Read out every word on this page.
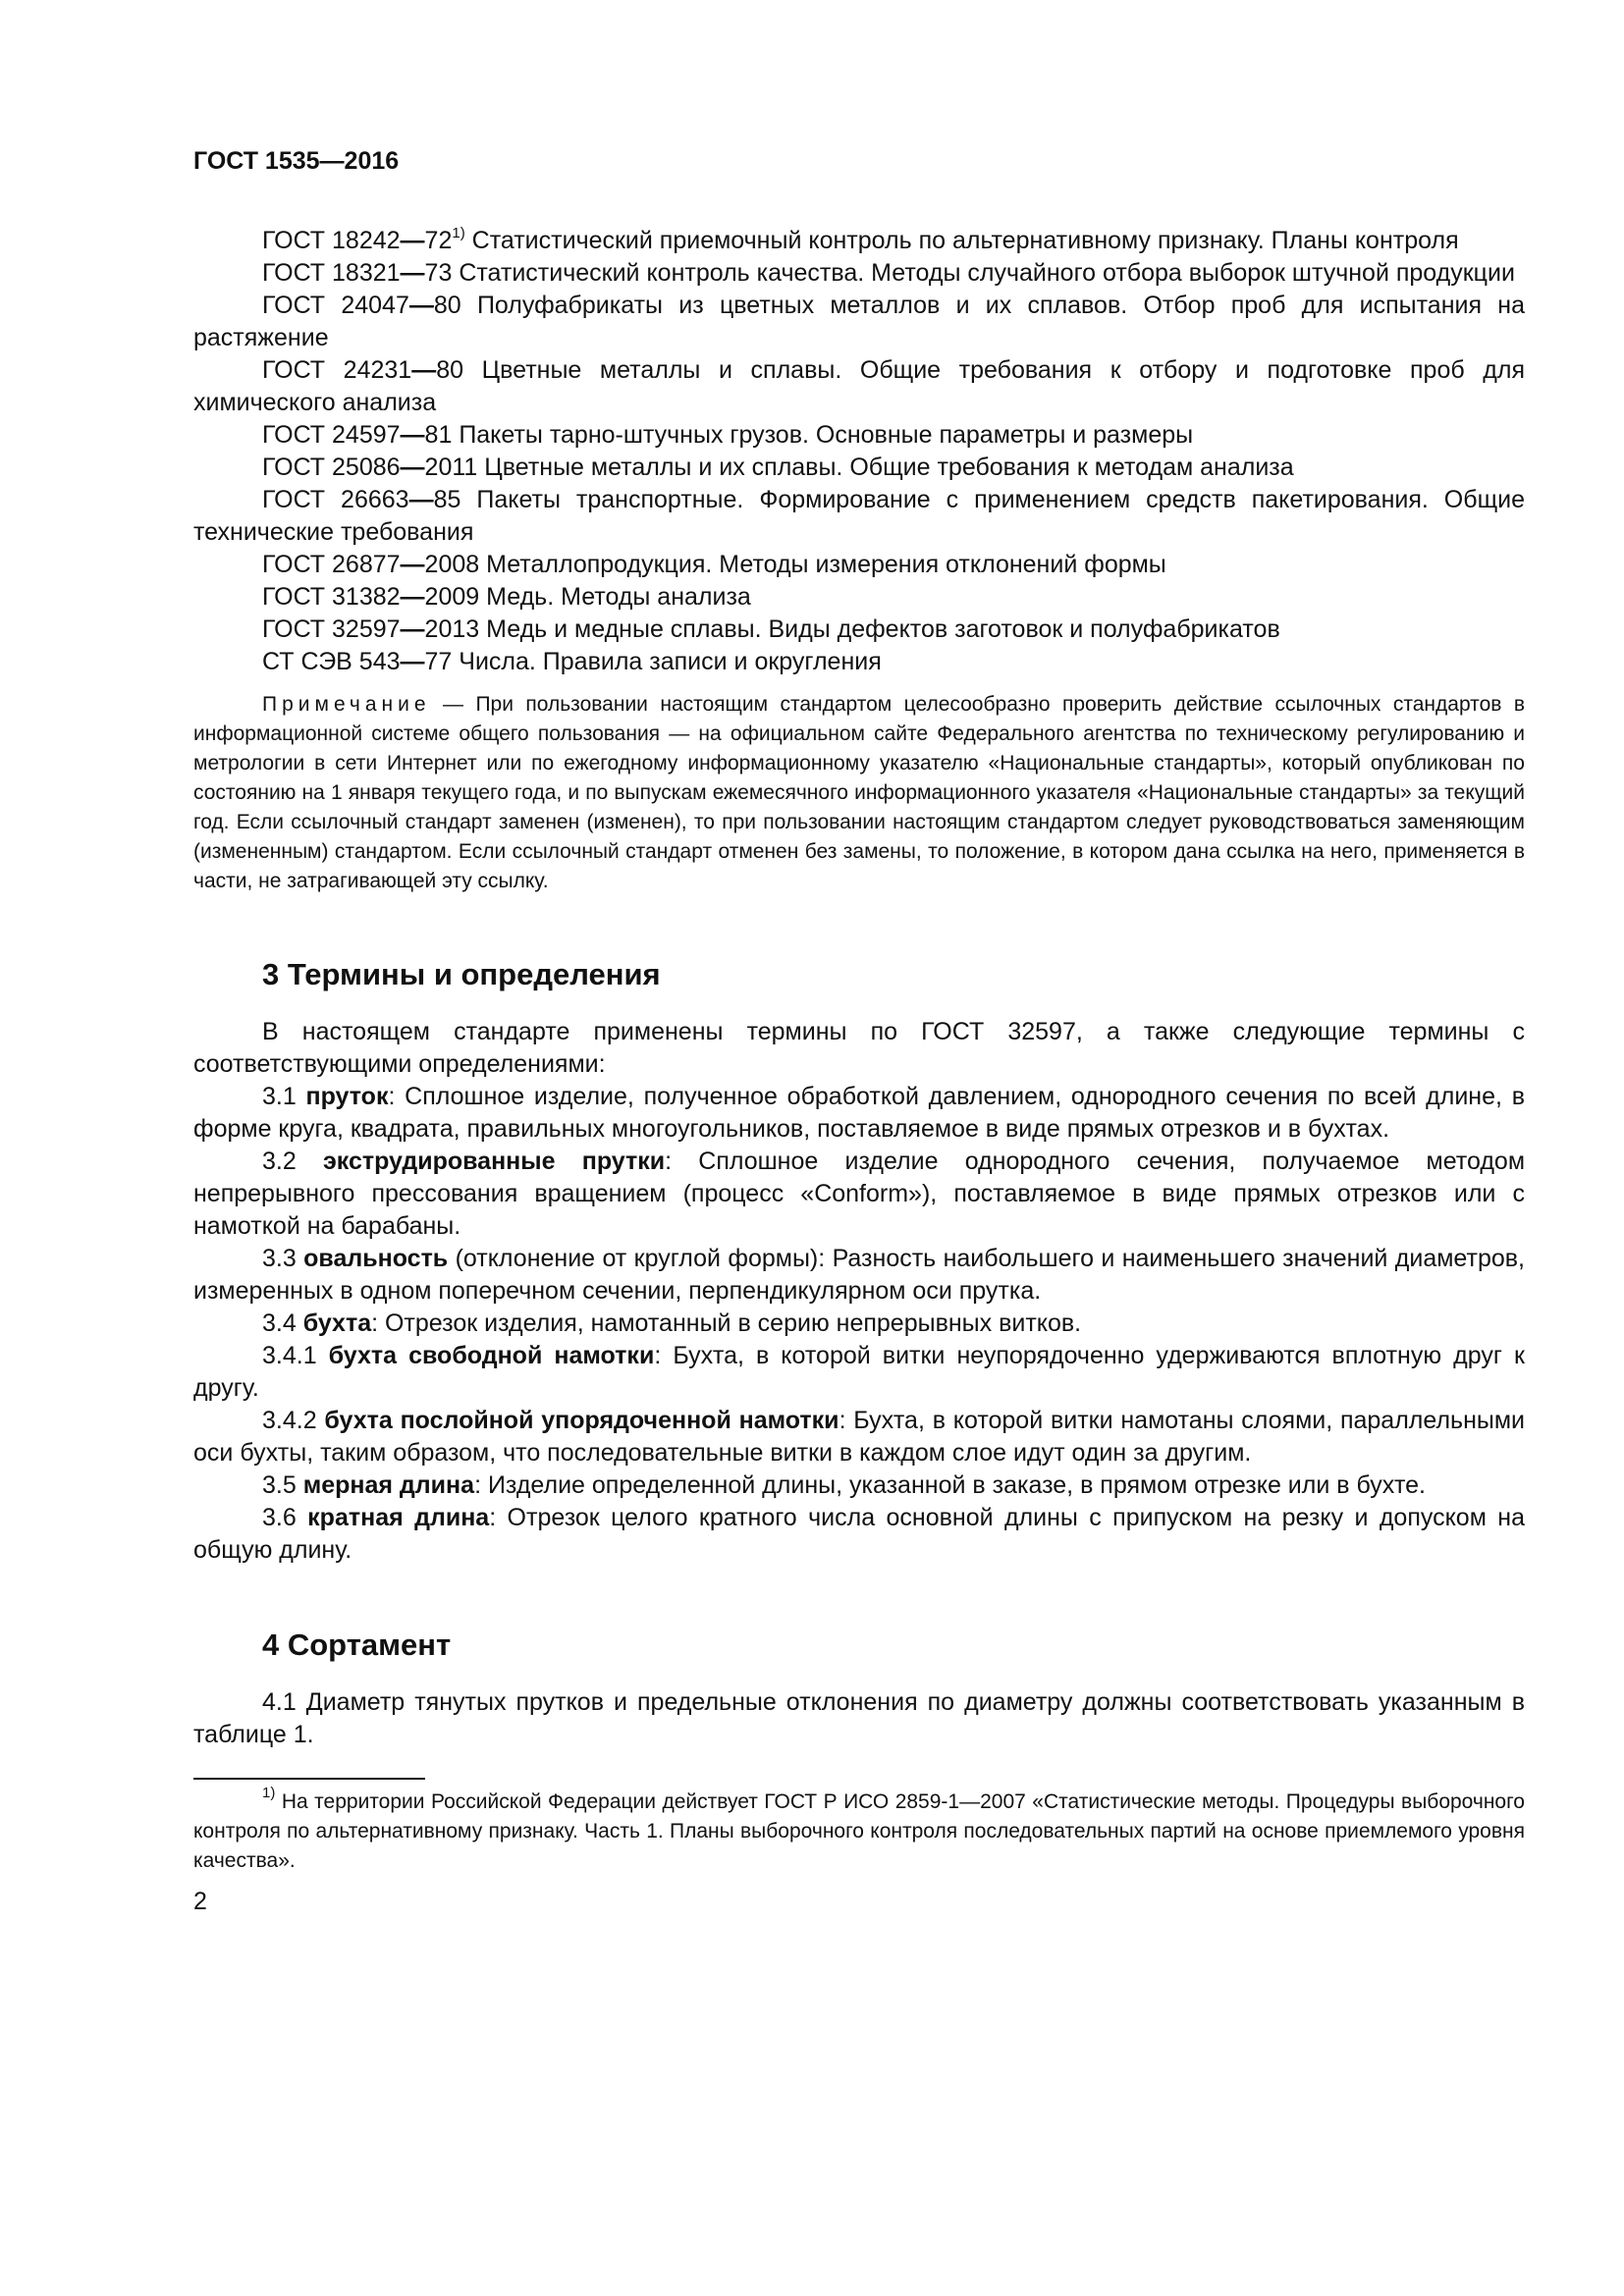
ГОСТ 1535—2016

ГОСТ 18242—72$^{1)}$ Статистический приемочный контроль по альтернативному признаку. Планы контроля

ГОСТ 18321—73 Статистический контроль качества. Методы случайного отбора выборок штучной продукции

ГОСТ 24047—80 Полуфабрикаты из цветных металлов и их сплавов. Отбор проб для испытания на растяжение

ГОСТ 24231—80 Цветные металлы и сплавы. Общие требования к отбору и подготовке проб для химического анализа

ГОСТ 24597—81 Пакеты тарно-штучных грузов. Основные параметры и размеры

ГОСТ 25086—2011 Цветные металлы и их сплавы. Общие требования к методам анализа

ГОСТ 26663—85 Пакеты транспортные. Формирование с применением средств пакетирования. Общие технические требования

ГОСТ 26877—2008 Металлопродукция. Методы измерения отклонений формы

ГОСТ 31382—2009 Медь. Методы анализа

ГОСТ 32597—2013 Медь и медные сплавы. Виды дефектов заготовок и полуфабрикатов

СТ СЭВ 543—77 Числа. Правила записи и округления

Примечание — При пользовании настоящим стандартом целесообразно проверить действие ссылочных стандартов в информационной системе общего пользования — на официальном сайте Федерального агентства по техническому регулированию и метрологии в сети Интернет или по ежегодному информационному указателю «Национальные стандарты», который опубликован по состоянию на 1 января текущего года, и по выпускам ежемесячного информационного указателя «Национальные стандарты» за текущий год. Если ссылочный стандарт заменен (изменен), то при пользовании настоящим стандартом следует руководствоваться заменяющим (измененным) стандартом. Если ссылочный стандарт отменен без замены, то положение, в котором дана ссылка на него, применяется в части, не затрагивающей эту ссылку.

3 Термины и определения

В настоящем стандарте применены термины по ГОСТ 32597, а также следующие термины с соответствующими определениями:

3.1 пруток: Сплошное изделие, полученное обработкой давлением, однородного сечения по всей длине, в форме круга, квадрата, правильных многоугольников, поставляемое в виде прямых отрезков и в бухтах.

3.2 экструдированные прутки: Сплошное изделие однородного сечения, получаемое методом непрерывного прессования вращением (процесс «Conform»), поставляемое в виде прямых отрезков или с намоткой на барабаны.

3.3 овальность (отклонение от круглой формы): Разность наибольшего и наименьшего значений диаметров, измеренных в одном поперечном сечении, перпендикулярном оси прутка.

3.4 бухта: Отрезок изделия, намотанный в серию непрерывных витков.

3.4.1 бухта свободной намотки: Бухта, в которой витки неупорядоченно удерживаются вплотную друг к другу.

3.4.2 бухта послойной упорядоченной намотки: Бухта, в которой витки намотаны слоями, параллельными оси бухты, таким образом, что последовательные витки в каждом слое идут один за другим.

3.5 мерная длина: Изделие определенной длины, указанной в заказе, в прямом отрезке или в бухте.

3.6 кратная длина: Отрезок целого кратного числа основной длины с припуском на резку и допуском на общую длину.

4 Сортамент

4.1 Диаметр тянутых прутков и предельные отклонения по диаметру должны соответствовать указанным в таблице 1.

$^{1)}$ На территории Российской Федерации действует ГОСТ Р ИСО 2859-1—2007 «Статистические методы. Процедуры выборочного контроля по альтернативному признаку. Часть 1. Планы выборочного контроля последовательных партий на основе приемлемого уровня качества».

2
